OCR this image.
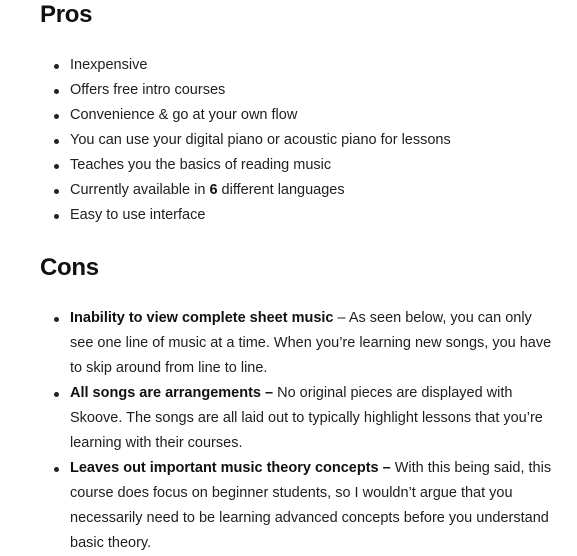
Pros
Inexpensive
Offers free intro courses
Convenience & go at your own flow
You can use your digital piano or acoustic piano for lessons
Teaches you the basics of reading music
Currently available in 6 different languages
Easy to use interface
Cons
Inability to view complete sheet music – As seen below, you can only see one line of music at a time. When you’re learning new songs, you have to skip around from line to line.
All songs are arrangements – No original pieces are displayed with Skoove. The songs are all laid out to typically highlight lessons that you’re learning with their courses.
Leaves out important music theory concepts – With this being said, this course does focus on beginner students, so I wouldn’t argue that you necessarily need to be learning advanced concepts before you understand basic theory.
